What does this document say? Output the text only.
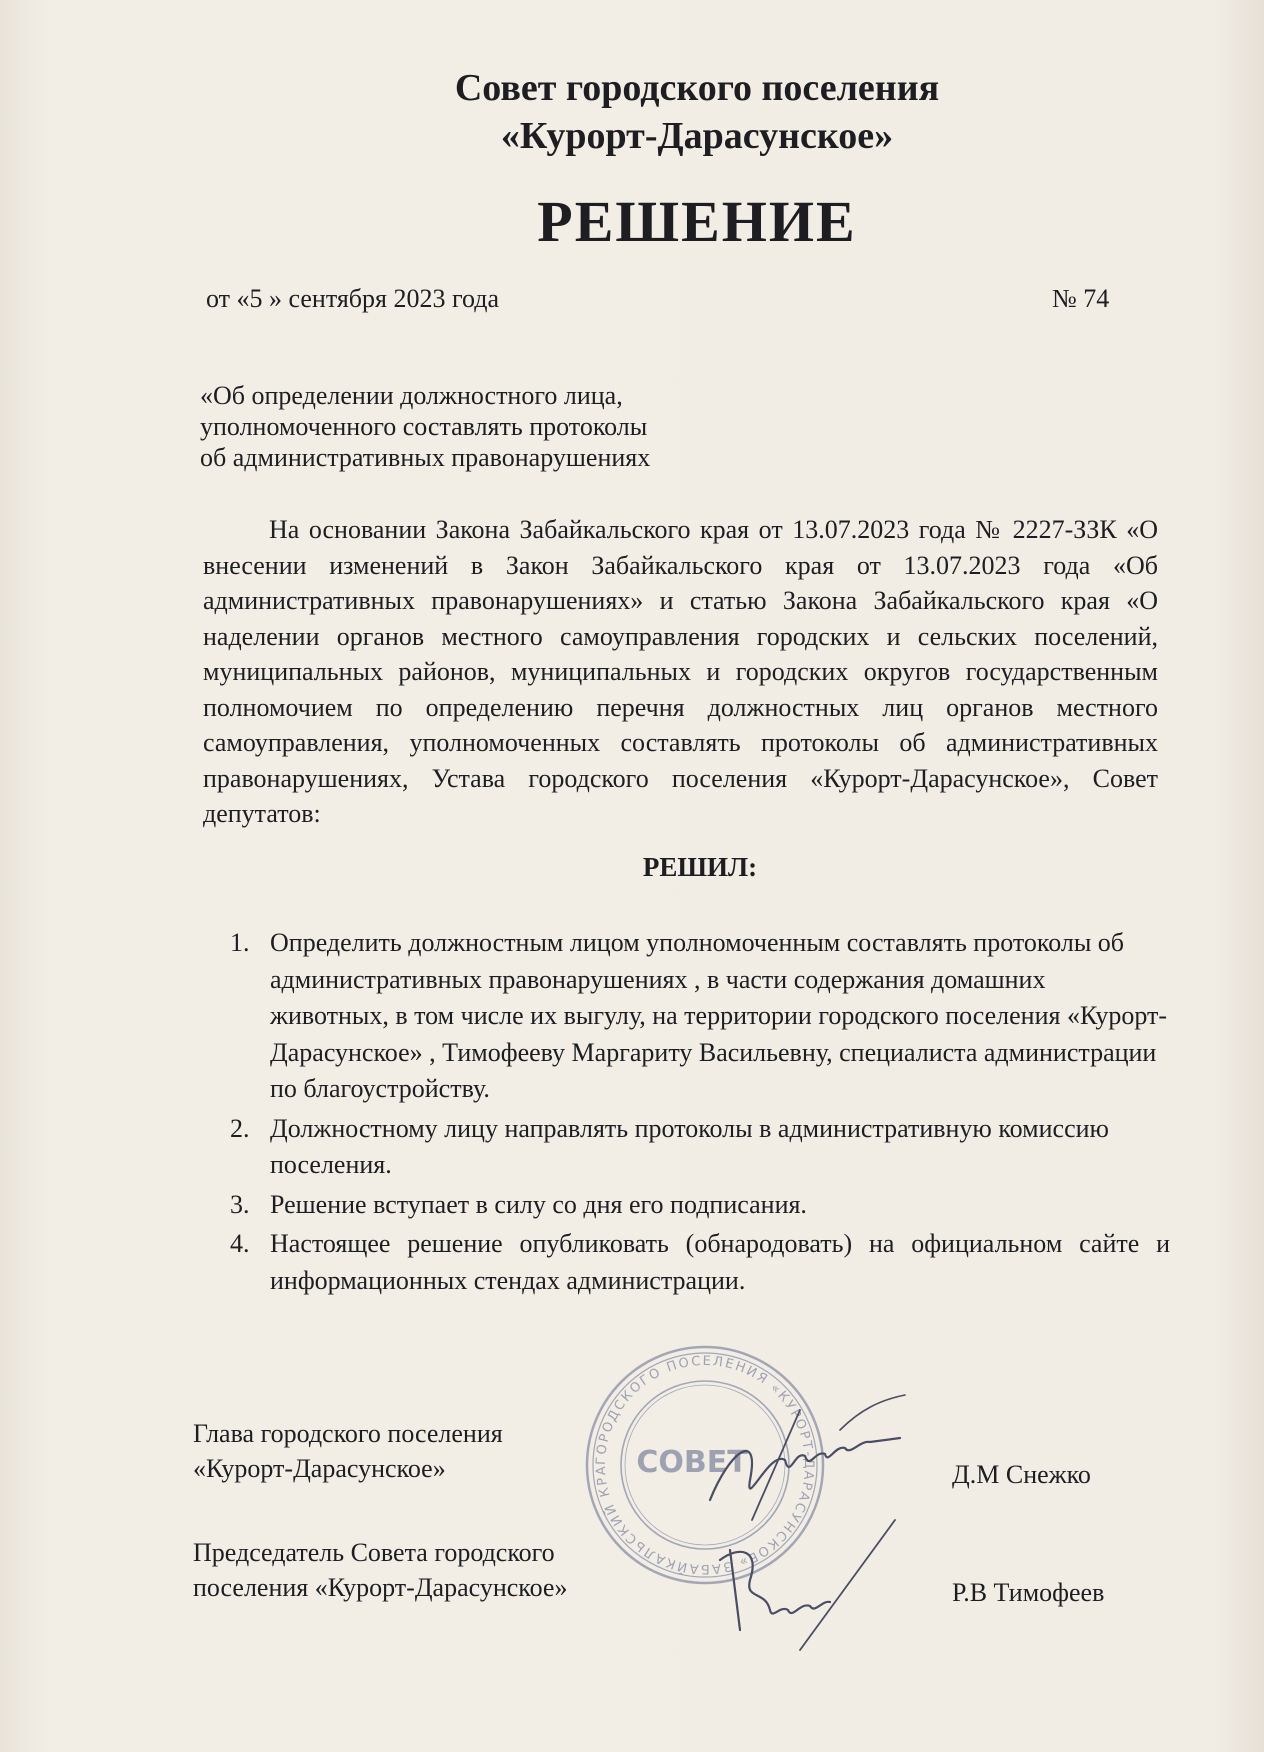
Совет городского поселения
«Курорт-Дарасунское»
РЕШЕНИЕ
от «5 » сентября 2023 года	№ 74
«Об определении должностного лица,
уполномоченного составлять протоколы
об административных правонарушениях
На основании Закона Забайкальского края от 13.07.2023 года № 2227-ЗЗК «О внесении изменений в Закон Забайкальского края от 13.07.2023 года «Об административных правонарушениях» и статью Закона Забайкальского края «О наделении органов местного самоуправления городских и сельских поселений, муниципальных районов, муниципальных и городских округов государственным полномочием по определению перечня должностных лиц органов местного самоуправления, уполномоченных составлять протоколы об административных правонарушениях, Устава городского поселения «Курорт-Дарасунское», Совет депутатов:
РЕШИЛ:
1. Определить должностным лицом уполномоченным составлять протоколы об административных правонарушениях , в части содержания домашних животных, в том числе их выгулу, на территории городского поселения «Курорт-Дарасунское» , Тимофееву Маргариту Васильевну, специалиста администрации по благоустройству.
2. Должностному лицу направлять протоколы в административную комиссию поселения.
3. Решение вступает в силу со дня его подписания.
4. Настоящее решение опубликовать (обнародовать) на официальном сайте и информационных стендах администрации.
ГОРОДСКОГО ПОСЕЛЕНИЯ «КУРОРТ-ДАРАСУНСКОЕ» ЗАБАЙКАЛЬСКИЙ КРА СОВЕТ
Глава городского поселения
«Курорт-Дарасунское»	Д.М Снежко
Председатель Совета городского
поселения «Курорт-Дарасунское»	Р.В Тимофеев
